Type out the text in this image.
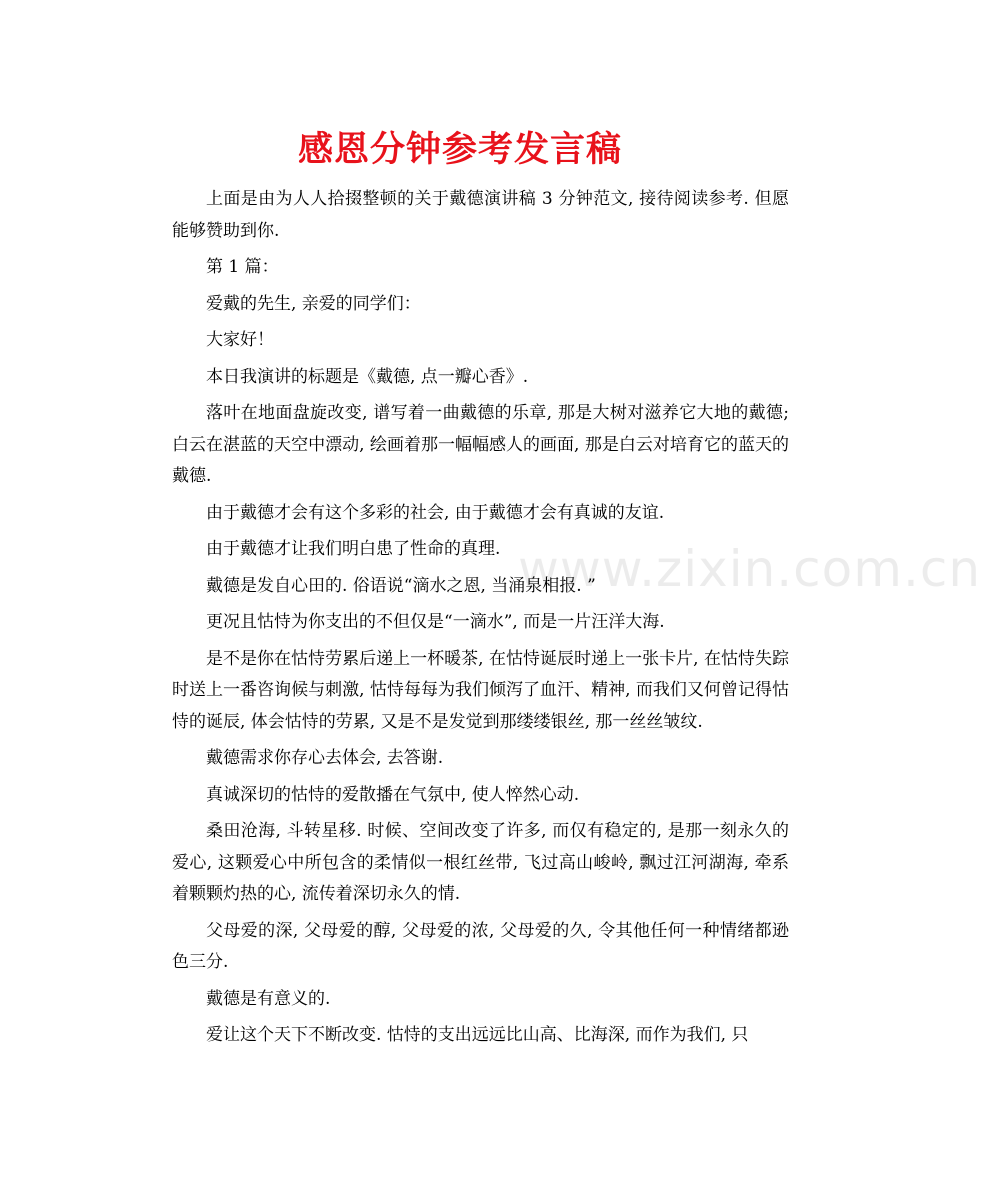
感恩分钟参考发言稿
www.zixin.com.cn

上面是由为人人拾掇整顿的关于戴德演讲稿 3 分钟范文, 接待阅读参考. 但愿能够赞助到你.

第 1 篇：

爱戴的先生, 亲爱的同学们：

大家好！

本日我演讲的标题是《戴德, 点一瓣心香》.

落叶在地面盘旋改变, 谱写着一曲戴德的乐章, 那是大树对滋养它大地的戴德; 白云在湛蓝的天空中漂动, 绘画着那一幅幅感人的画面, 那是白云对培育它的蓝天的戴德.

由于戴德才会有这个多彩的社会, 由于戴德才会有真诚的友谊.

由于戴德才让我们明白患了性命的真理.

戴德是发自心田的. 俗语说“滴水之恩, 当涌泉相报. ”

更况且怙恃为你支出的不但仅是“一滴水”, 而是一片汪洋大海.

是不是你在怙恃劳累后递上一杯暖茶, 在怙恃诞辰时递上一张卡片, 在怙恃失踪时送上一番咨询候与刺激, 怙恃每每为我们倾泻了血汗、精神, 而我们又何曾记得怙恃的诞辰, 体会怙恃的劳累, 又是不是发觉到那缕缕银丝, 那一丝丝皱纹.

戴德需求你存心去体会, 去答谢.

真诚深切的怙恃的爱散播在气氛中, 使人悴然心动.

桑田沧海, 斗转星移. 时候、空间改变了许多, 而仅有稳定的, 是那一刻永久的爱心, 这颗爱心中所包含的柔情似一根红丝带, 飞过高山峻岭, 飘过江河湖海, 牵系着颗颗灼热的心, 流传着深切永久的情.

父母爱的深, 父母爱的醇, 父母爱的浓, 父母爱的久, 令其他任何一种情绪都逊色三分.

戴德是有意义的.

爱让这个天下不断改变. 怙恃的支出远远比山高、比海深, 而作为我们, 只
